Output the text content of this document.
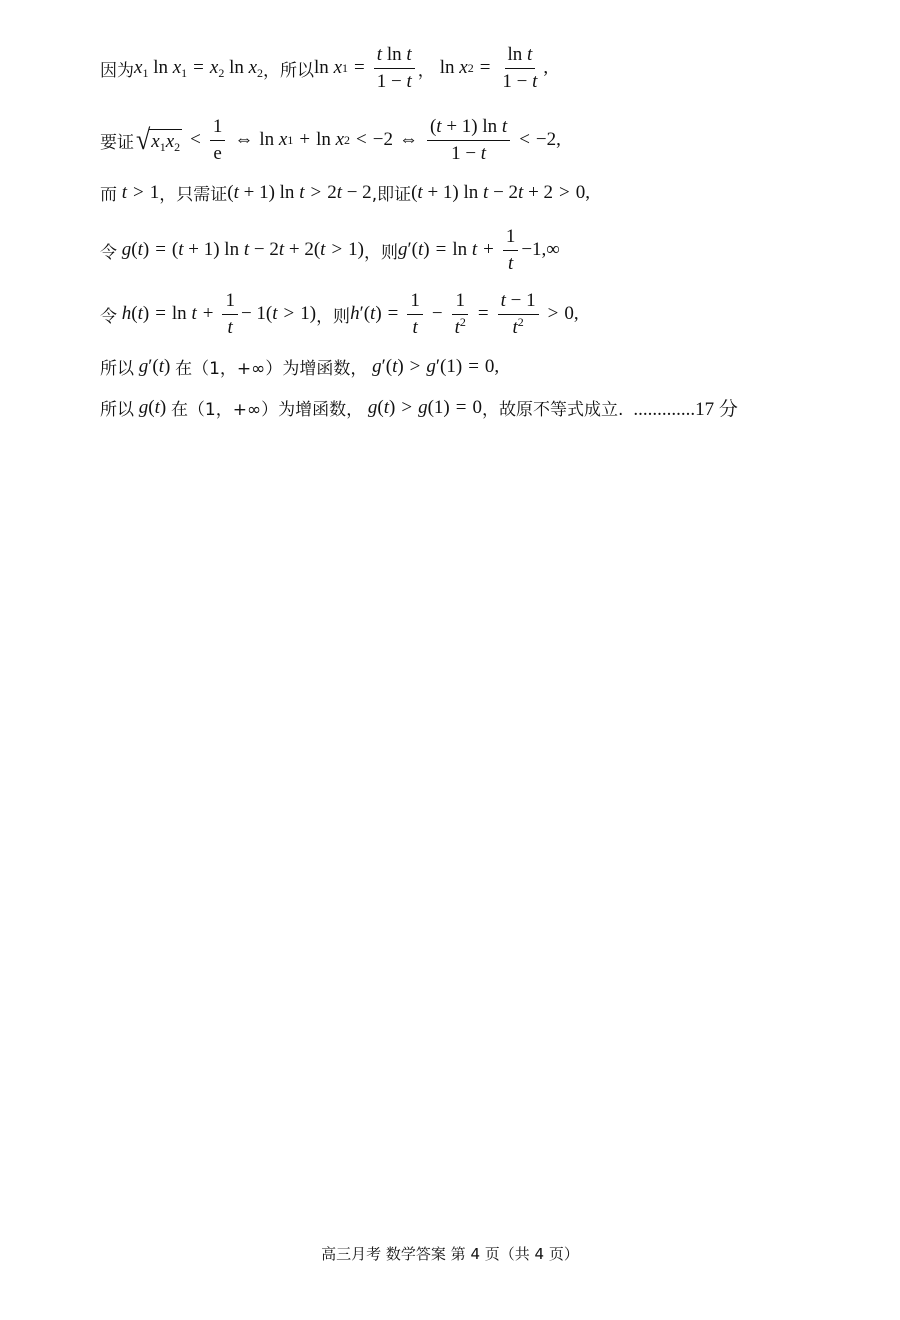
因为 $x_1$ $\ln x_1 = x_2$ $\ln x_2$ ，所以 ln x $1 = \frac{\text{t ln t}}{1 - t}$ ， ln x $2 = \frac{\text{ln t}}{1 - t}$ ,
要证 √ $x_1x_2 < \frac{1}{e}$ ⇔ ln x 1 + ln x 2 < −2 ⇔ $\frac{\text{(t + 1) ln t}}{1 - t} < -2$ ,
而 t > 1 ，只需证 (t + 1) ln t > 2t − 2 ,即证 (t + 1) ln t − 2t + 2 > 0 ,
令 g(t) = (t + 1) ln t − 2t + 2(t > 1) ，则 g ′( t ) = $\ln t + \frac{1}{t} -1,\infty$
令
h ( t ) = $\ln t + \frac{1}{t} - 1$( t > 1) ，则 h ′( t ) = $\frac{1}{t} - \frac{1}{t^2} = \frac{t - 1}{t^2} > 0$ ,
所以 g′(t) 在（1，+∞）为增函数， g′(t) > g′(1) = 0 ,
所以 g(t) 在（1，+∞）为增函数， g(t) > g(1) = 0 ，故原不等式成立. .............17 分
高三月考 数学答案 第 4 页（共 4 页）
